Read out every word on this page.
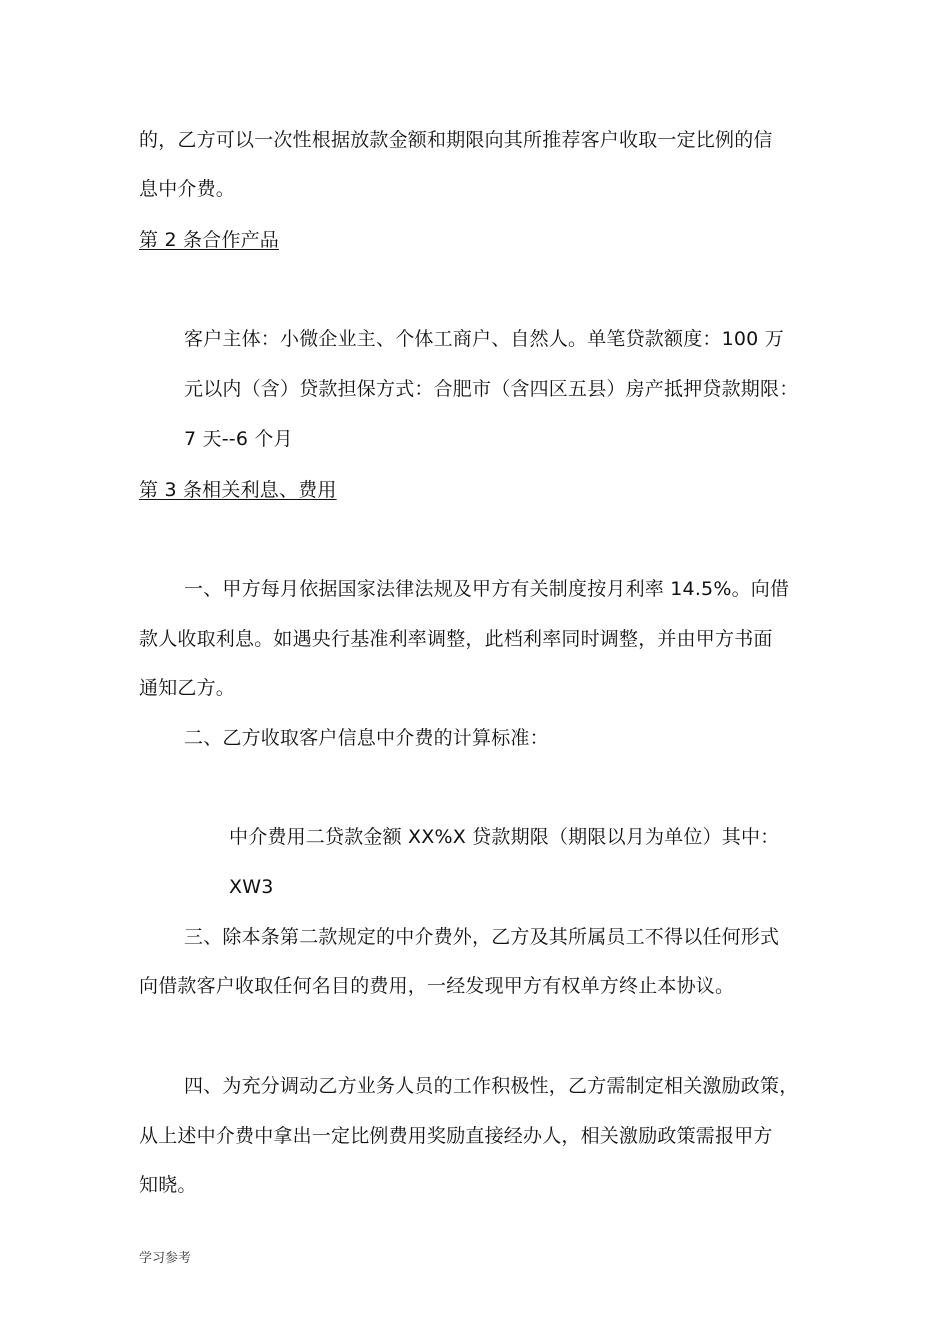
的，乙方可以一次性根据放款金额和期限向其所推荐客户收取一定比例的信
息中介费。
第 2 条合作产品
客户主体：小微企业主、个体工商户、自然人。单笔贷款额度：100 万
元以内（含）贷款担保方式：合肥市（含四区五县）房产抵押贷款期限：
7 天--6 个月
第 3 条相关利息、费用
一、甲方每月依据国家法律法规及甲方有关制度按月利率 14.5%。向借
款人收取利息。如遇央行基准利率调整，此档利率同时调整，并由甲方书面
通知乙方。
二、乙方收取客户信息中介费的计算标准：
中介费用二贷款金额 XX%X 贷款期限（期限以月为单位）其中：
XW3
三、除本条第二款规定的中介费外，乙方及其所属员工不得以任何形式
向借款客户收取任何名目的费用，一经发现甲方有权单方终止本协议。
四、为充分调动乙方业务人员的工作积极性，乙方需制定相关激励政策，
从上述中介费中拿出一定比例费用奖励直接经办人，相关激励政策需报甲方
知晓。
学习参考
